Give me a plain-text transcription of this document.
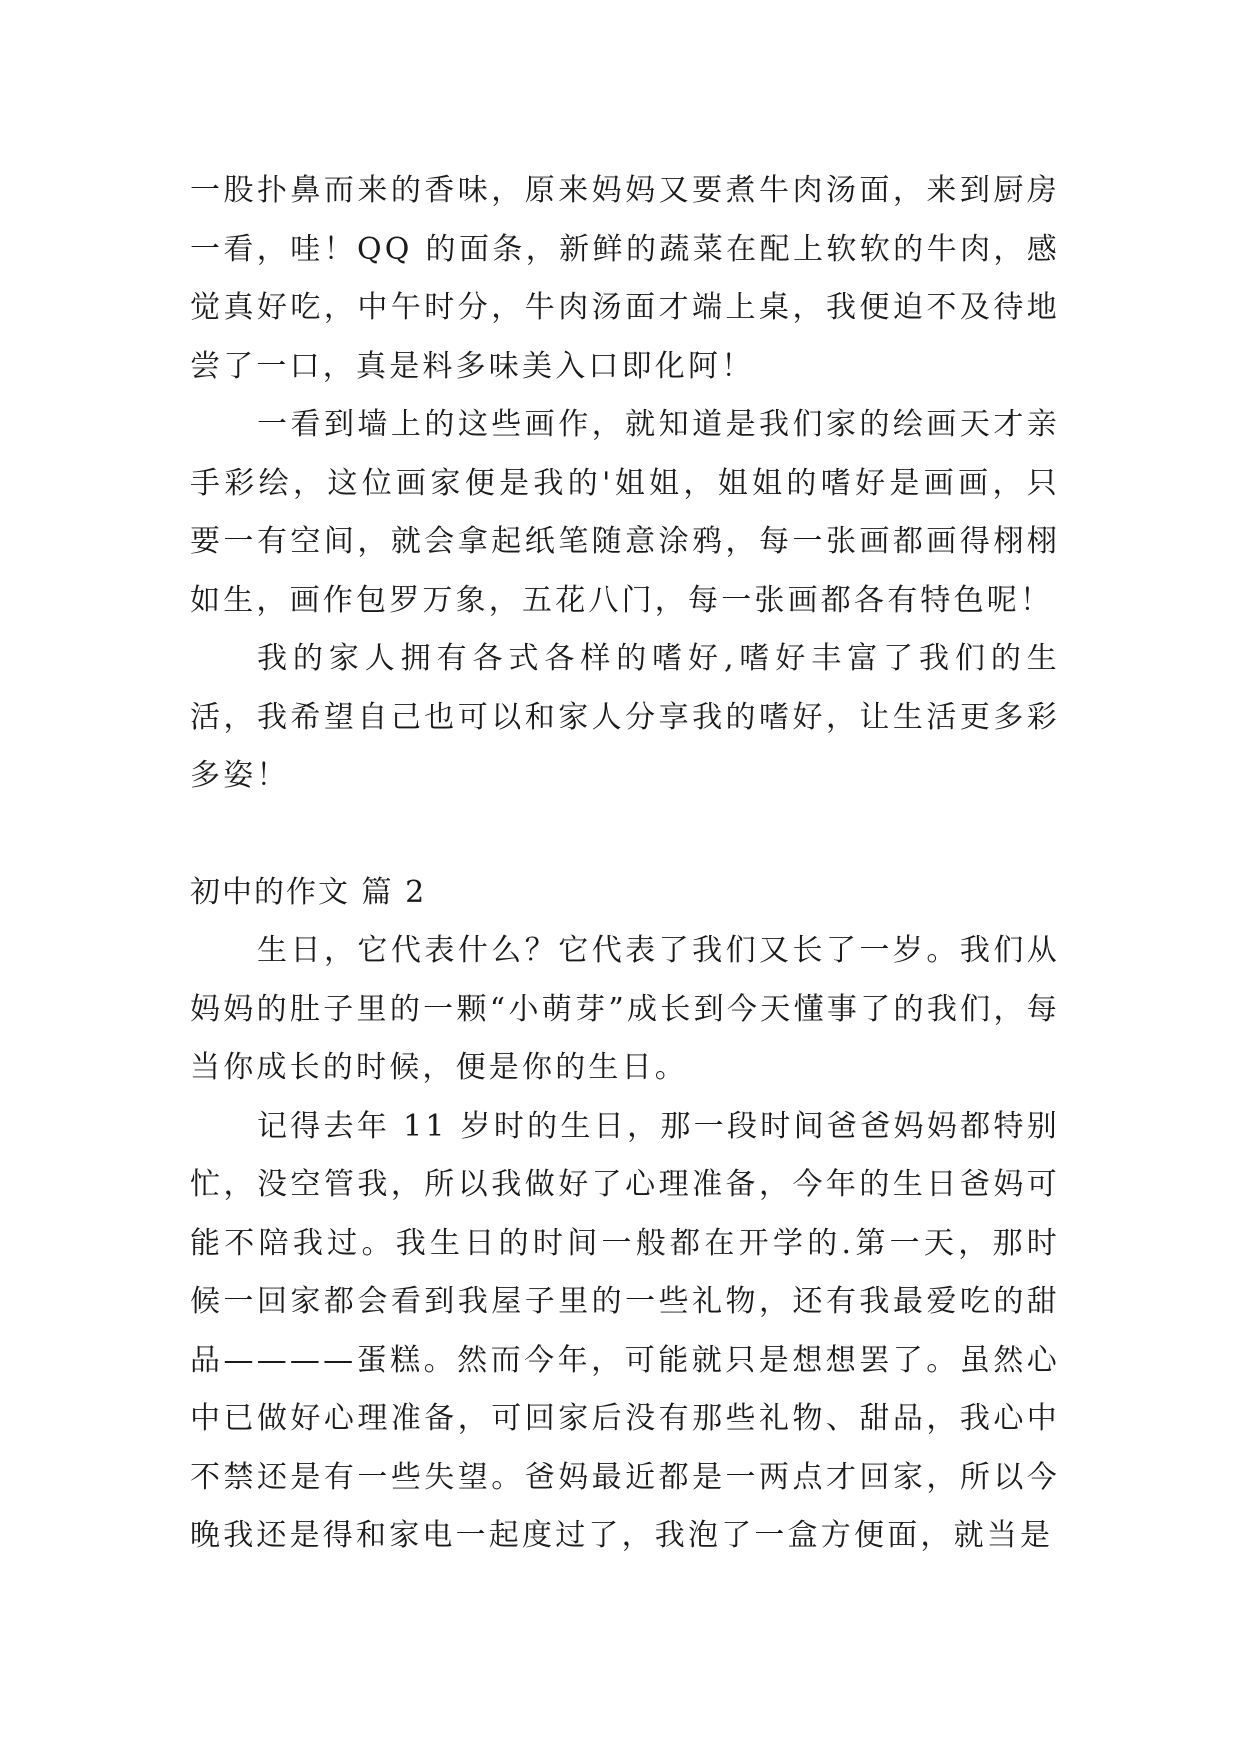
一股扑鼻而来的香味，原来妈妈又要煮牛肉汤面，来到厨房一看，哇！QQ 的面条，新鲜的蔬菜在配上软软的牛肉，感觉真好吃，中午时分，牛肉汤面才端上桌，我便迫不及待地尝了一口，真是料多味美入口即化阿！

一看到墙上的这些画作，就知道是我们家的绘画天才亲手彩绘，这位画家便是我的'姐姐，姐姐的嗜好是画画，只要一有空间，就会拿起纸笔随意涂鸦，每一张画都画得栩栩如生，画作包罗万象，五花八门，每一张画都各有特色呢！

我的家人拥有各式各样的嗜好,嗜好丰富了我们的生活，我希望自己也可以和家人分享我的嗜好，让生活更多彩多姿！

初中的作文 篇 2

生日，它代表什么？它代表了我们又长了一岁。我们从妈妈的肚子里的一颗“小萌芽”成长到今天懂事了的我们，每当你成长的时候，便是你的生日。

记得去年 11 岁时的生日，那一段时间爸爸妈妈都特别忙，没空管我，所以我做好了心理准备，今年的生日爸妈可能不陪我过。我生日的时间一般都在开学的.第一天，那时候一回家都会看到我屋子里的一些礼物，还有我最爱吃的甜品————蛋糕。然而今年，可能就只是想想罢了。虽然心中已做好心理准备，可回家后没有那些礼物、甜品，我心中不禁还是有一些失望。爸妈最近都是一两点才回家，所以今晚我还是得和家电一起度过了，我泡了一盒方便面，就当是
